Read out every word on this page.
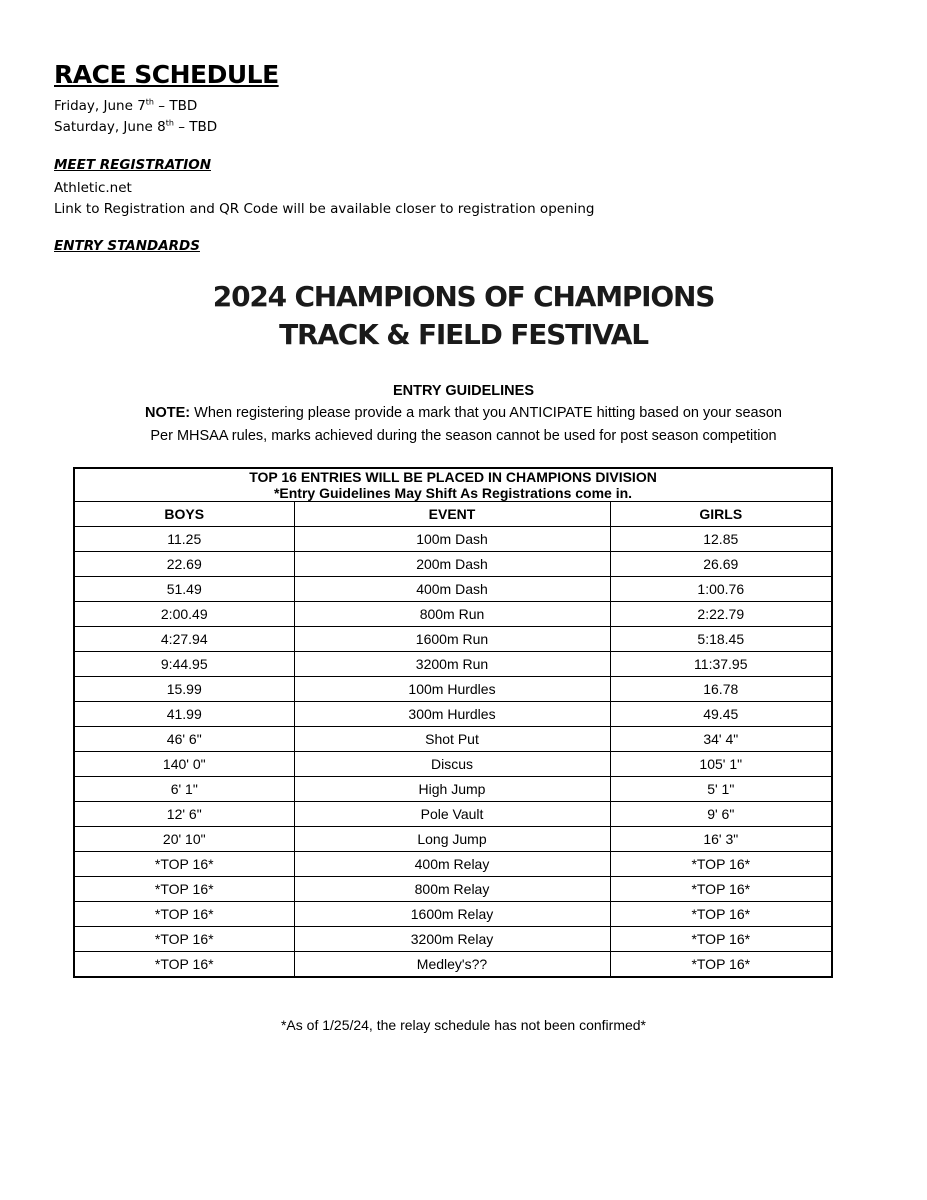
RACE SCHEDULE
Friday, June 7th – TBD
Saturday, June 8th – TBD
MEET REGISTRATION
Athletic.net
Link to Registration and QR Code will be available closer to registration opening
ENTRY STANDARDS
2024 CHAMPIONS OF CHAMPIONS
TRACK & FIELD FESTIVAL
ENTRY GUIDELINES
NOTE: When registering please provide a mark that you ANTICIPATE hitting based on your season
Per MHSAA rules, marks achieved during the season cannot be used for post season competition
TOP 16 ENTRIES WILL BE PLACED IN CHAMPIONS DIVISION
*Entry Guidelines May Shift As Registrations come in.		

BOYS	EVENT	GIRLS
11.25	100m Dash	12.85
22.69	200m Dash	26.69
51.49	400m Dash	1:00.76
2:00.49	800m Run	2:22.79
4:27.94	1600m Run	5:18.45
9:44.95	3200m Run	11:37.95
15.99	100m Hurdles	16.78
41.99	300m Hurdles	49.45
46' 6"	Shot Put	34' 4"
140' 0"	Discus	105' 1"
6' 1"	High Jump	5' 1"
12' 6"	Pole Vault	9' 6"
20' 10"	Long Jump	16' 3"
*TOP 16*	400m Relay	*TOP 16*
*TOP 16*	800m Relay	*TOP 16*
*TOP 16*	1600m Relay	*TOP 16*
*TOP 16*	3200m Relay	*TOP 16*
*TOP 16*	Medley's??	*TOP 16*
*As of 1/25/24, the relay schedule has not been confirmed*
